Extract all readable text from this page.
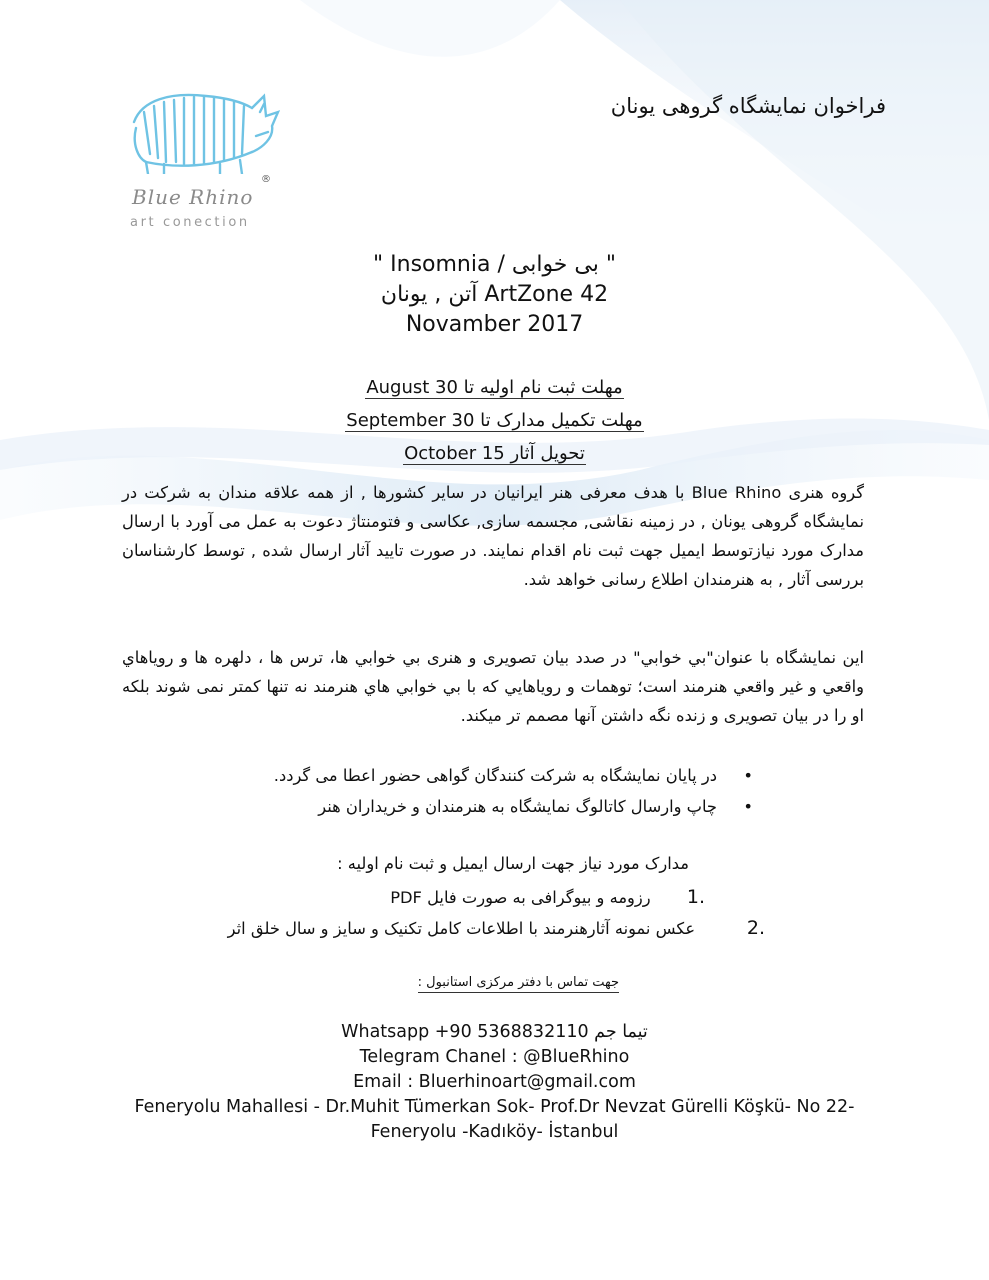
®
Blue Rhino
art conection
فراخوان نمایشگاه گروهی یونان
" بی خوابی / Insomnia "
ArtZone 42 آتن , یونان
Novamber 2017
مهلت ثبت نام اولیه تا August 30
مهلت تکمیل مدارک تا September 30
تحویل آثار October 15

گروه هنری Blue Rhino با هدف معرفی هنر ایرانیان در سایر کشورها , از همه علاقه مندان به شرکت در نمایشگاه گروهی یونان , در زمینه نقاشی, مجسمه سازی, عکاسی و فتومنتاژ دعوت به عمل می آورد با ارسال مدارک مورد نیازتوسط ایمیل جهت ثبت نام اقدام نمایند. در صورت تایید آثار ارسال شده , توسط کارشناسان بررسی آثار , به هنرمندان اطلاع رسانی خواهد شد.

این نمایشگاه با عنوان"بي خوابي" در صدد بیان تصویری و هنری بي خوابي ها، ترس ها ، دلهره ها و روياهاي واقعي و غير واقعي هنرمند است؛ توهمات و روياهايي که با بي خوابي هاي هنرمند نه تنها کمتر نمی شوند بلکه او را در بیان تصویری و زنده نگه داشتن آنها مصمم تر میکند.

• در پایان نمایشگاه به شرکت کنندگان گواهی حضور اعطا می گردد.
• چاپ وارسال کاتالوگ نمایشگاه به هنرمندان و خریداران هنر
مدارک مورد نیاز جهت ارسال ایمیل و ثبت نام اولیه :
1.  رزومه و بیوگرافی به صورت فایل PDF
2.     عکس نمونه آثارهنرمند با اطلاعات کامل تکنیک و سایز و سال خلق اثر
جهت تماس با دفتر مرکزی استانبول :
Whatsapp +90 5368832110 تیما جم
Telegram Chanel : @BlueRhino
Email : Bluerhinoart@gmail.com
Feneryolu Mahallesi - Dr.Muhit Tümerkan Sok- Prof.Dr Nevzat Gürelli Köşkü- No 22-
Feneryolu -Kadıköy- İstanbul
